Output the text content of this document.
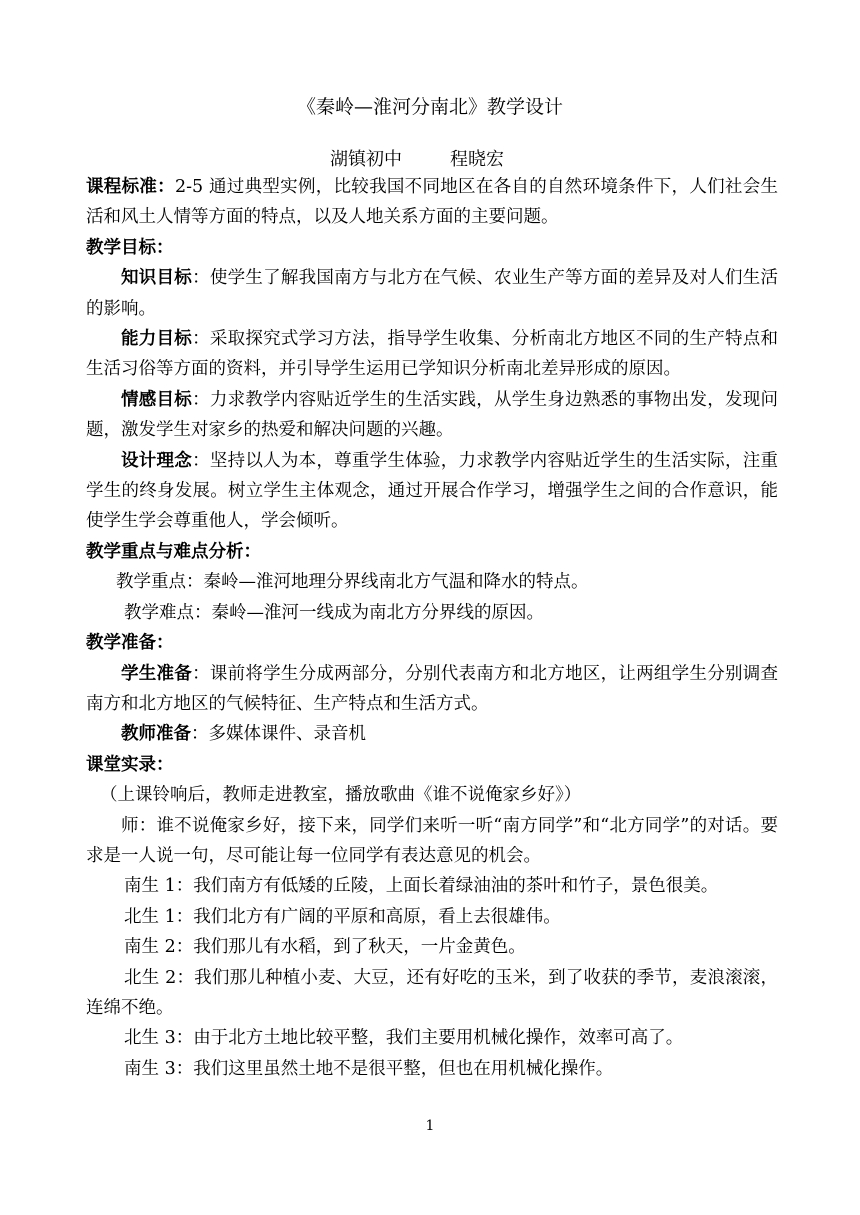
《秦岭—淮河分南北》教学设计
湖镇初中	程晓宏

课程标准：2-5 通过典型实例，比较我国不同地区在各自的自然环境条件下，人们社会生活和风土人情等方面的特点，以及人地关系方面的主要问题。

教学目标：

知识目标：使学生了解我国南方与北方在气候、农业生产等方面的差异及对人们生活的影响。

能力目标：采取探究式学习方法，指导学生收集、分析南北方地区不同的生产特点和生活习俗等方面的资料，并引导学生运用已学知识分析南北差异形成的原因。

情感目标：力求教学内容贴近学生的生活实践，从学生身边熟悉的事物出发，发现问题，激发学生对家乡的热爱和解决问题的兴趣。

设计理念：坚持以人为本，尊重学生体验，力求教学内容贴近学生的生活实际，注重学生的终身发展。树立学生主体观念，通过开展合作学习，增强学生之间的合作意识，能使学生学会尊重他人，学会倾听。

教学重点与难点分析：

教学重点：秦岭—淮河地理分界线南北方气温和降水的特点。

教学难点：秦岭—淮河一线成为南北方分界线的原因。

教学准备：

学生准备：课前将学生分成两部分，分别代表南方和北方地区，让两组学生分别调查南方和北方地区的气候特征、生产特点和生活方式。

教师准备：多媒体课件、录音机

课堂实录：

（上课铃响后，教师走进教室，播放歌曲《谁不说俺家乡好》）

师：谁不说俺家乡好，接下来，同学们来听一听“南方同学”和“北方同学”的对话。要求是一人说一句，尽可能让每一位同学有表达意见的机会。

南生 1：我们南方有低矮的丘陵，上面长着绿油油的茶叶和竹子，景色很美。

北生 1：我们北方有广阔的平原和高原，看上去很雄伟。

南生 2：我们那儿有水稻，到了秋天，一片金黄色。

北生 2：我们那儿种植小麦、大豆，还有好吃的玉米，到了收获的季节，麦浪滚滚，连绵不绝。

北生 3：由于北方土地比较平整，我们主要用机械化操作，效率可高了。

南生 3：我们这里虽然土地不是很平整，但也在用机械化操作。

1
